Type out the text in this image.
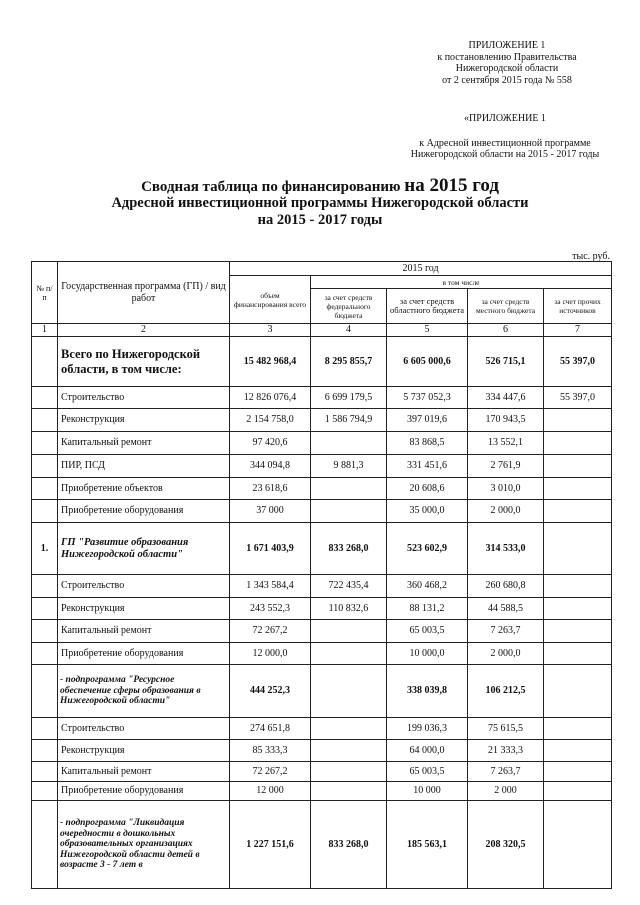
ПРИЛОЖЕНИЕ 1
к постановлению Правительства
Нижегородской области
от 2 сентября 2015 года № 558
«ПРИЛОЖЕНИЕ 1
к Адресной инвестиционной программе
Нижегородской области на 2015 - 2017 годы
Сводная таблица по финансированию на 2015 год
Адресной инвестиционной программы Нижегородской области
на 2015 - 2017 годы
тыс. руб.
№ п/п	Государственная программа (ГП) / вид работ	2015 год				
		объем финансирования всего	в том числе			
			за счет средств федерального бюджета	за счет средств областного бюджета	за счет средств местного бюджета	за счет прочих источников
1	2	3	4	5	6	7
	Всего по Нижегородской области, в том числе:	15 482 968,4	8 295 855,7	6 605 000,6	526 715,1	55 397,0
	Строительство	12 826 076,4	6 699 179,5	5 737 052,3	334 447,6	55 397,0
	Реконструкция	2 154 758,0	1 586 794,9	397 019,6	170 943,5	
	Капитальный ремонт	97 420,6		83 868,5	13 552,1	
	ПИР, ПСД	344 094,8	9 881,3	331 451,6	2 761,9	
	Приобретение объектов	23 618,6		20 608,6	3 010,0	
	Приобретение оборудования	37 000		35 000,0	2 000,0	
1.	ГП "Развитие образования Нижегородской области"	1 671 403,9	833 268,0	523 602,9	314 533,0	
	Строительство	1 343 584,4	722 435,4	360 468,2	260 680,8	
	Реконструкция	243 552,3	110 832,6	88 131,2	44 588,5	
	Капитальный ремонт	72 267,2		65 003,5	7 263,7	
	Приобретение оборудования	12 000,0		10 000,0	2 000,0	
	- подпрограмма "Ресурсное обеспечение сферы образования в Нижегородской области"	444 252,3		338 039,8	106 212,5	
	Строительство	274 651,8		199 036,3	75 615,5	
	Реконструкция	85 333,3		64 000,0	21 333,3	
	Капитальный ремонт	72 267,2		65 003,5	7 263,7	
	Приобретение оборудования	12 000		10 000	2 000	
	- подпрограмма "Ликвидация очередности в дошкольных образовательных организациях Нижегородской области детей в возрасте 3 - 7 лет в	1 227 151,6	833 268,0	185 563,1	208 320,5	
